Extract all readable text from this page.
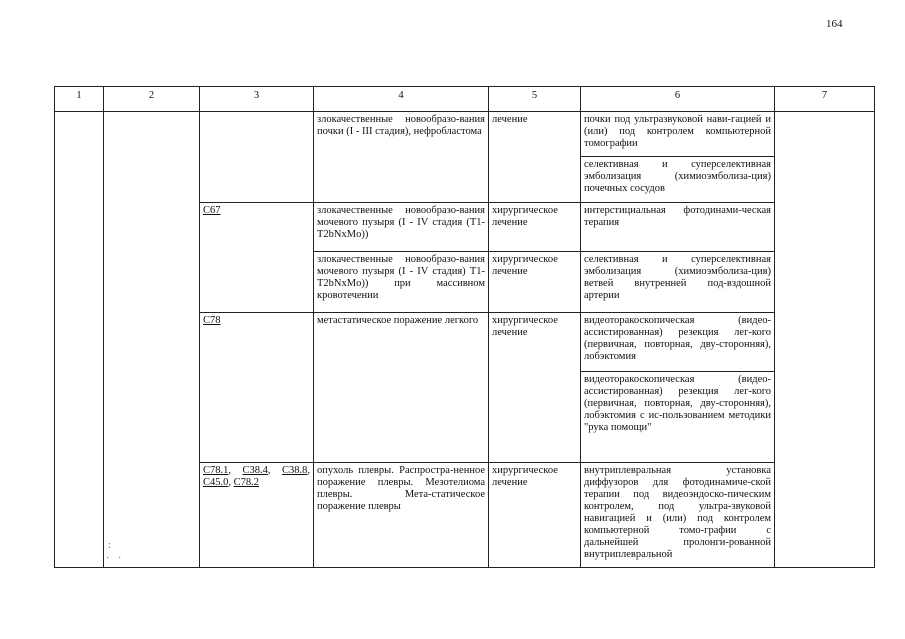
164
:
· ·
1	2	3	4	5	6	7
			злокачественные новообразо-вания почки (I - III стадия), нефробластома	лечение	почки под ультразвуковой нави-гацией и (или) под контролем компьютерной томографии	
					селективная и суперселективная эмболизация (химиоэмболиза-ция) почечных сосудов	
		C67	злокачественные новообразо-вания мочевого пузыря (I - IV стадия (T1-T2bNxMo))	хирургическое лечение	интерстициальная фотодинами-ческая терапия	
			злокачественные новообразо-вания мочевого пузыря (I - IV стадия) T1-T2bNxMo)) при массивном кровотечении	хирургическое лечение	селективная и суперселективная эмболизация (химиоэмболиза-ция) ветвей внутренней под-вздошной артерии	
		C78	метастатическое поражение легкого	хирургическое лечение	видеоторакоскопическая (видео-ассистированная) резекция лег-кого (первичная, повторная, дву-сторонняя), лобэктомия	
					видеоторакоскопическая (видео-ассистированная) резекция лег-кого (первичная, повторная, дву-сторонняя), лобэктомия с ис-пользованием методики "рука помощи"	
		C78.1, C38.4, C38.8, C45.0, C78.2	опухоль плевры. Распростра-ненное поражение плевры. Мезотелиома плевры. Мета-статическое поражение плевры	хирургическое лечение	внутриплевральная установка диффузоров для фотодинамиче-ской терапии под видеоэндоско-пическим контролем, под ультра-звуковой навигацией и (или) под контролем компьютерной томо-графии с дальнейшей пролонги-рованной внутриплевральной	
